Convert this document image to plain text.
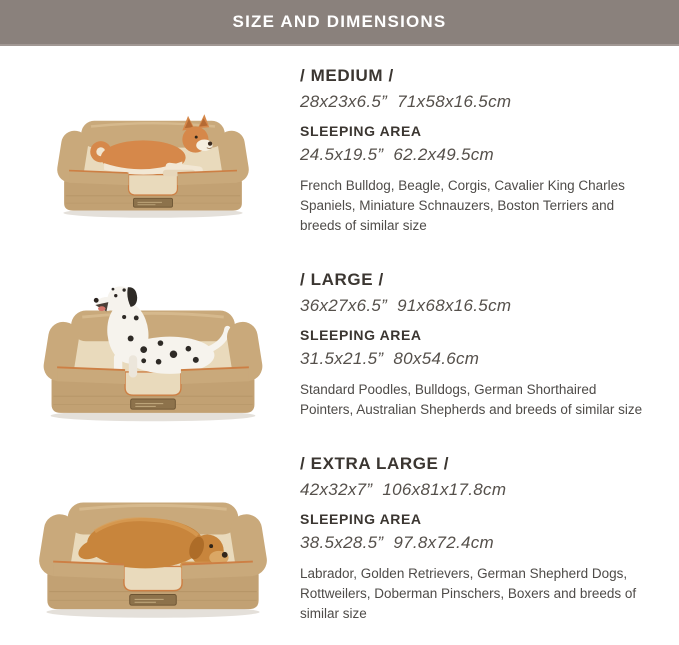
SIZE AND DIMENSIONS
/ MEDIUM /

28x23x6.5”  71x58x16.5cm

SLEEPING AREA

24.5x19.5”  62.2x49.5cm

French Bulldog, Beagle, Corgis, Cavalier King Charles Spaniels, Miniature Schnauzers, Boston Terriers and breeds of similar size

/ LARGE /

36x27x6.5”  91x68x16.5cm

SLEEPING AREA

31.5x21.5”  80x54.6cm

Standard Poodles, Bulldogs, German Shorthaired Pointers, Australian Shepherds and breeds of similar size

/ EXTRA LARGE /

42x32x7”  106x81x17.8cm

SLEEPING AREA

38.5x28.5”  97.8x72.4cm

Labrador, Golden Retrievers, German Shepherd Dogs, Rottweilers, Doberman Pinschers, Boxers and breeds of similar size
